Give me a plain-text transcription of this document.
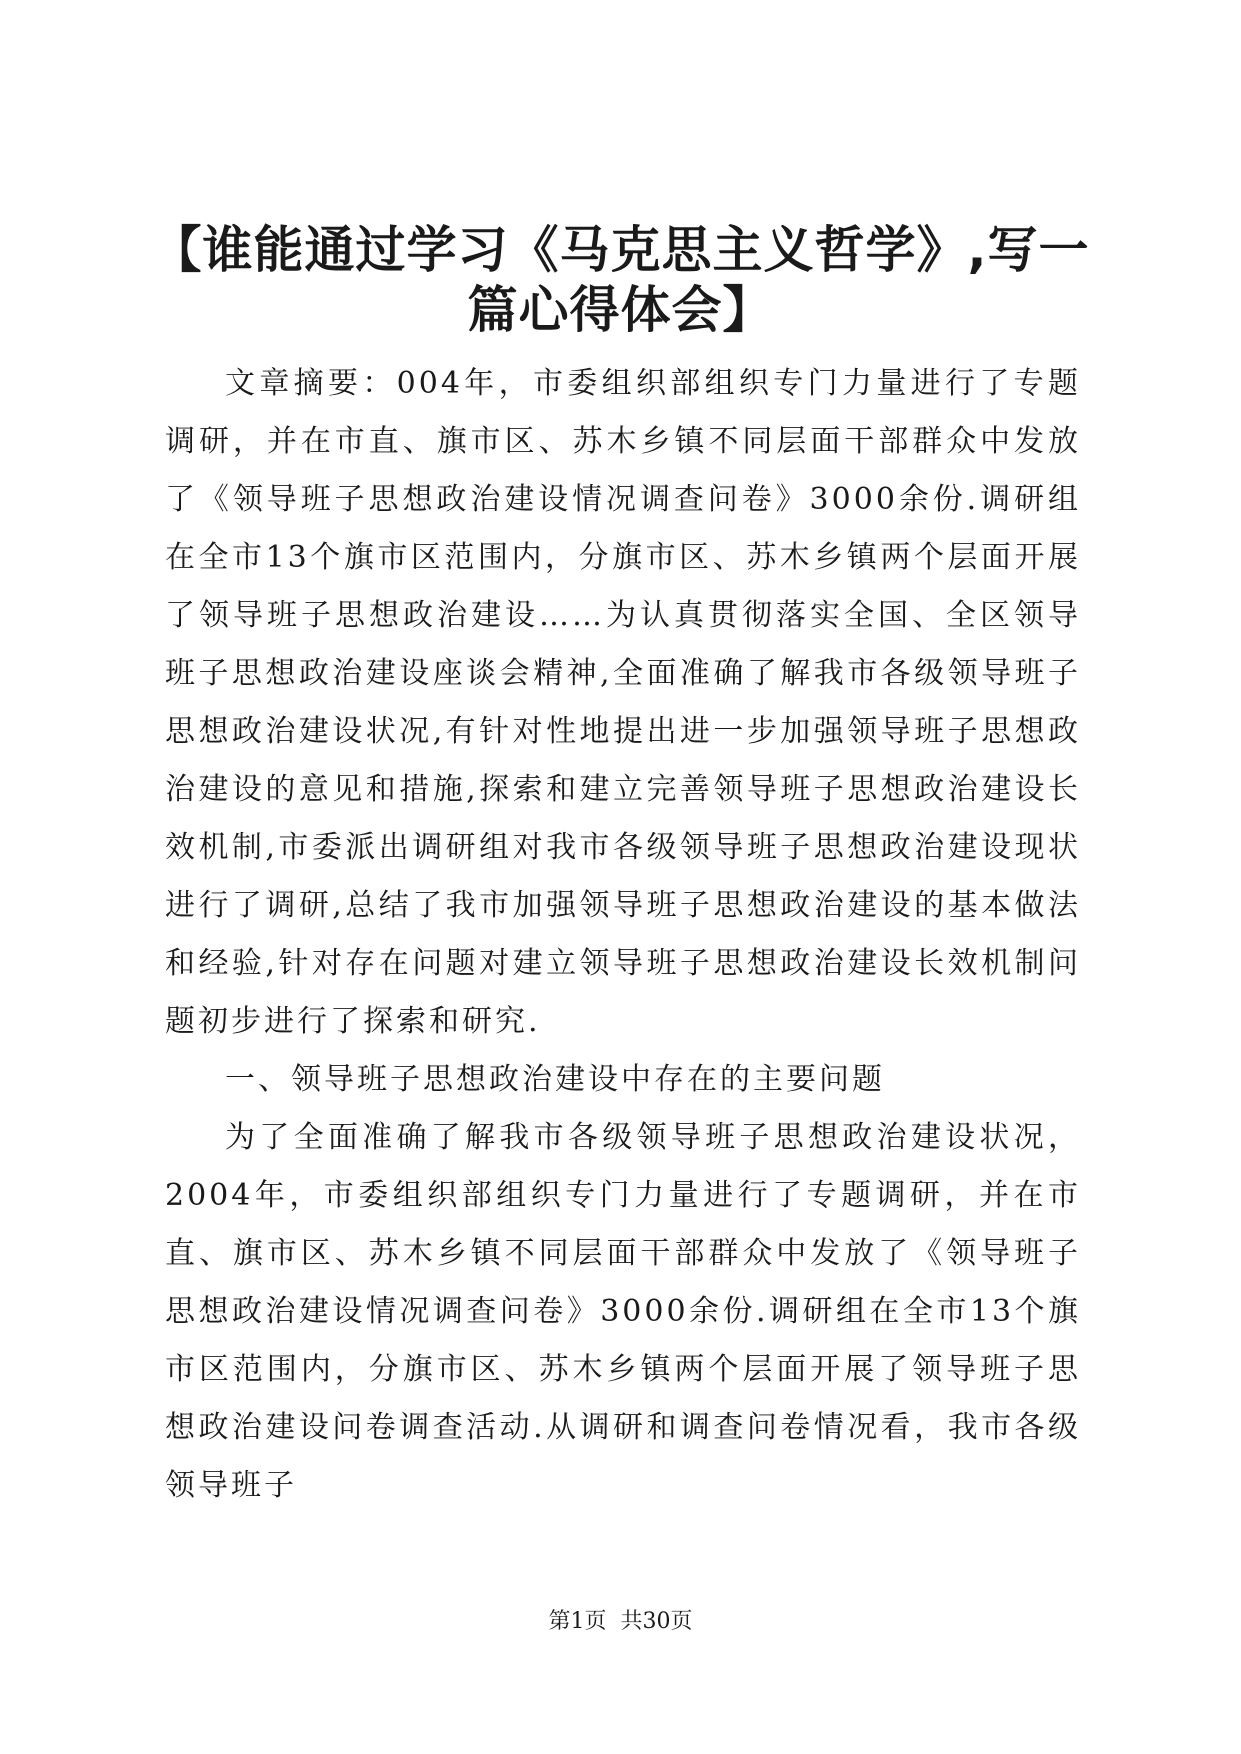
【谁能通过学习《马克思主义哲学》,写一篇心得体会】

文章摘要：004年，市委组织部组织专门力量进行了专题调研，并在市直、旗市区、苏木乡镇不同层面干部群众中发放了《领导班子思想政治建设情况调查问卷》3000余份.调研组在全市13个旗市区范围内，分旗市区、苏木乡镇两个层面开展了领导班子思想政治建设……为认真贯彻落实全国、全区领导班子思想政治建设座谈会精神,全面准确了解我市各级领导班子思想政治建设状况,有针对性地提出进一步加强领导班子思想政治建设的意见和措施,探索和建立完善领导班子思想政治建设长效机制,市委派出调研组对我市各级领导班子思想政治建设现状进行了调研,总结了我市加强领导班子思想政治建设的基本做法和经验,针对存在问题对建立领导班子思想政治建设长效机制问题初步进行了探索和研究.

一、领导班子思想政治建设中存在的主要问题

为了全面准确了解我市各级领导班子思想政治建设状况，2004年，市委组织部组织专门力量进行了专题调研，并在市直、旗市区、苏木乡镇不同层面干部群众中发放了《领导班子思想政治建设情况调查问卷》3000余份.调研组在全市13个旗市区范围内，分旗市区、苏木乡镇两个层面开展了领导班子思想政治建设问卷调查活动.从调研和调查问卷情况看，我市各级领导班子

第1页 共30页
